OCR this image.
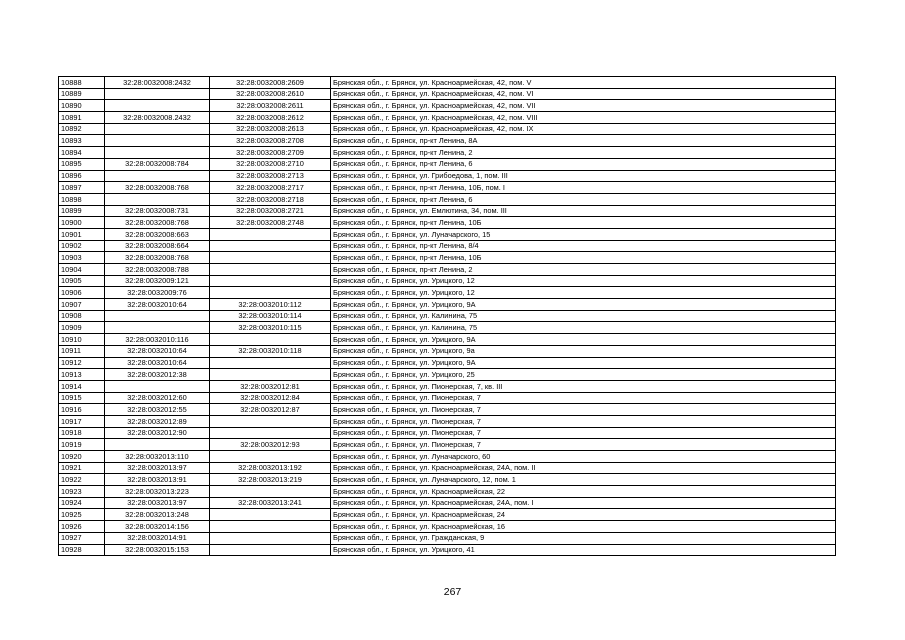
10888	32:28:0032008:2432	32:28:0032008:2609	Брянская обл., г. Брянск, ул. Красноармейская, 42, пом. V
10889		32:28:0032008:2610	Брянская обл., г. Брянск, ул. Красноармейская, 42, пом. VI
10890		32:28:0032008:2611	Брянская обл., г. Брянск, ул. Красноармейская, 42, пом. VII
10891	32:28:0032008.2432	32:28:0032008:2612	Брянская обл., г. Брянск, ул. Красноармейская, 42, пом. VIII
10892		32:28:0032008:2613	Брянская обл., г. Брянск, ул. Красноармейская, 42, пом. IX
10893		32:28:0032008:2708	Брянская обл., г. Брянск, пр-кт Ленина, 8А
10894		32:28:0032008:2709	Брянская обл., г. Брянск, пр-кт Ленина, 2
10895	32:28:0032008:784	32:28:0032008:2710	Брянская обл., г. Брянск, пр-кт Ленина, 6
10896		32:28:0032008:2713	Брянская обл., г. Брянск, ул. Грибоедова, 1, пом. III
10897	32:28:0032008:768	32:28:0032008:2717	Брянская обл., г. Брянск, пр-кт Ленина, 10Б, пом. I
10898		32:28:0032008:2718	Брянская обл., г. Брянск, пр-кт Ленина, 6
10899	32:28:0032008:731	32:28:0032008:2721	Брянская обл., г. Брянск, ул. Емлютина, 34, пом. III
10900	32:28:0032008:768	32:28:0032008:2748	Брянская обл., г. Брянск, пр-кт Ленина, 10Б
10901	32:28:0032008:663		Брянская обл., г. Брянск, ул. Луначарского, 15
10902	32:28:0032008:664		Брянская обл., г. Брянск, пр-кт Ленина, 8/4
10903	32:28:0032008:768		Брянская обл., г. Брянск, пр-кт Ленина, 10Б
10904	32:28:0032008:788		Брянская обл., г. Брянск, пр-кт Ленина, 2
10905	32:28:0032009:121		Брянская обл., г. Брянск, ул. Урицкого, 12
10906	32:28:0032009:76		Брянская обл., г. Брянск, ул. Урицкого, 12
10907	32:28:0032010:64	32:28:0032010:112	Брянская обл., г. Брянск, ул. Урицкого, 9А
10908		32:28:0032010:114	Брянская обл., г. Брянск, ул. Калинина, 75
10909		32:28:0032010:115	Брянская обл., г. Брянск, ул. Калинина, 75
10910	32:28:0032010:116		Брянская обл., г. Брянск, ул. Урицкого, 9А
10911	32:28:0032010:64	32:28:0032010:118	Брянская обл., г. Брянск, ул. Урицкого, 9а
10912	32:28:0032010:64		Брянская обл., г. Брянск, ул. Урицкого, 9А
10913	32:28:0032012:38		Брянская обл., г. Брянск, ул. Урицкого, 25
10914		32:28:0032012:81	Брянская обл., г. Брянск, ул. Пионерская, 7, кв. III
10915	32:28:0032012:60	32:28:0032012:84	Брянская обл., г. Брянск, ул. Пионерская, 7
10916	32:28:0032012:55	32:28:0032012:87	Брянская обл., г. Брянск, ул. Пионерская, 7
10917	32:28:0032012:89		Брянская обл., г. Брянск, ул. Пионерская, 7
10918	32:28:0032012:90		Брянская обл., г. Брянск, ул. Пионерская, 7
10919		32:28:0032012:93	Брянская обл., г. Брянск, ул. Пионерская, 7
10920	32:28:0032013:110		Брянская обл., г. Брянск, ул. Луначарского, 60
10921	32:28:0032013:97	32:28:0032013:192	Брянская обл., г. Брянск, ул. Красноармейская, 24А, пом. II
10922	32:28:0032013:91	32:28:0032013:219	Брянская обл., г. Брянск, ул. Луначарского, 12, пом. 1
10923	32:28:0032013:223		Брянская обл., г. Брянск, ул. Красноармейская, 22
10924	32:28:0032013:97	32:28:0032013:241	Брянская обл., г. Брянск, ул. Красноармейская, 24А, пом. I
10925	32:28:0032013:248		Брянская обл., г. Брянск, ул. Красноармейская, 24
10926	32:28:0032014:156		Брянская обл., г. Брянск, ул. Красноармейская, 16
10927	32:28:0032014:91		Брянская обл., г. Брянск, ул. Гражданская, 9
10928	32:28:0032015:153		Брянская обл., г. Брянск, ул. Урицкого, 41
267
